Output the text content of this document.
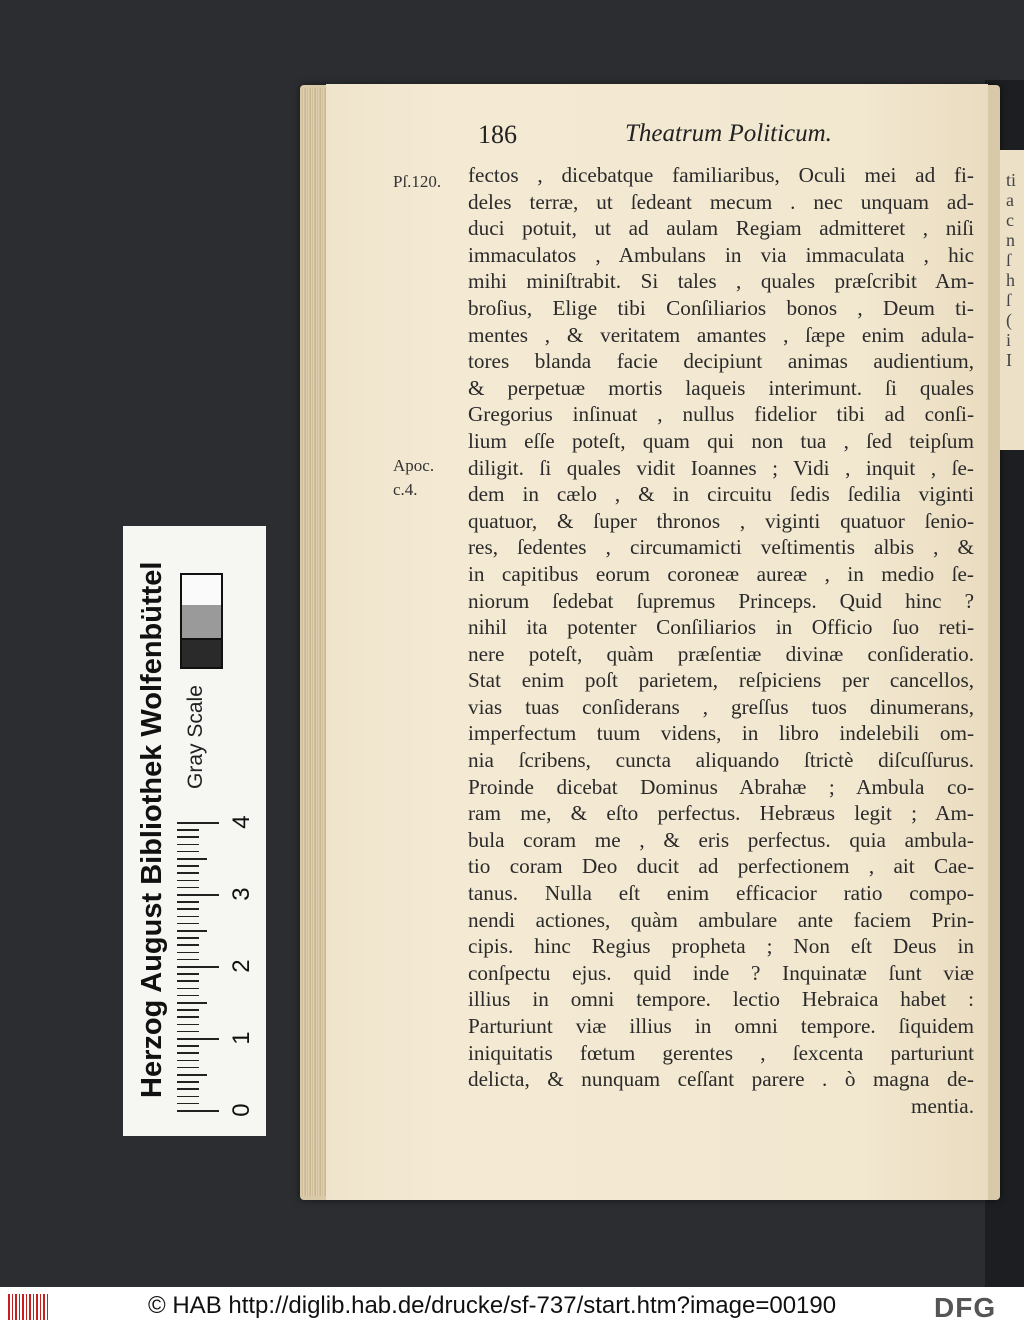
ti
a
c
n
ſ
h
ſ
(
i
I
186	Theatrum Politicum.
Pſ.120.
Apoc.
c.4.
fectos , dicebatque familiaribus, Oculi mei ad fi-
deles terræ, ut ſedeant mecum . nec unquam ad-
duci potuit, ut ad aulam Regiam admitteret , niſi
immaculatos , Ambulans in via immaculata , hic
mihi miniſtrabit. Si tales , quales præſcribit Am-
broſius, Elige tibi Conſiliarios bonos , Deum ti-
mentes , & veritatem amantes , ſæpe enim adula-
tores blanda facie decipiunt animas audientium,
& perpetuæ mortis laqueis interimunt. ſi quales
Gregorius inſinuat , nullus fidelior tibi ad conſi-
lium eſſe poteſt, quam qui non tua , ſed teipſum
diligit. ſi quales vidit Ioannes ; Vidi , inquit , ſe-
dem in cælo , & in circuitu ſedis ſedilia viginti
quatuor, & ſuper thronos , viginti quatuor ſenio-
res, ſedentes , circumamicti veſtimentis albis , &
in capitibus eorum coroneæ aureæ , in medio ſe-
niorum ſedebat ſupremus Princeps. Quid hinc ?
nihil ita potenter Conſiliarios in Officio ſuo reti-
nere poteſt, quàm præſentiæ divinæ conſideratio.
Stat enim poſt parietem, reſpiciens per cancellos,
vias tuas conſiderans , greſſus tuos dinumerans,
imperfectum tuum videns, in libro indelebili om-
nia ſcribens, cuncta aliquando ſtrictè diſcuſſurus.
Proinde dicebat Dominus Abrahæ ; Ambula co-
ram me, & eſto perfectus. Hebræus legit ; Am-
bula coram me , & eris perfectus. quia ambula-
tio coram Deo ducit ad perfectionem , ait Cae-
tanus. Nulla eſt enim efficacior ratio compo-
nendi actiones, quàm ambulare ante faciem Prin-
cipis. hinc Regius propheta ; Non eſt Deus in
conſpectu ejus. quid inde ? Inquinatæ ſunt viæ
illius in omni tempore. lectio Hebraica habet :
Parturiunt viæ illius in omni tempore. ſiquidem
iniquitatis fœtum gerentes , ſexcenta parturiunt
delicta, & nunquam ceſſant parere . ò magna de-
mentia.
Herzog August Bibliothek Wolfenbüttel Gray Scale
0
1
2
3
4
© HAB http://diglib.hab.de/drucke/sf-737/start.htm?image=00190	DFG
